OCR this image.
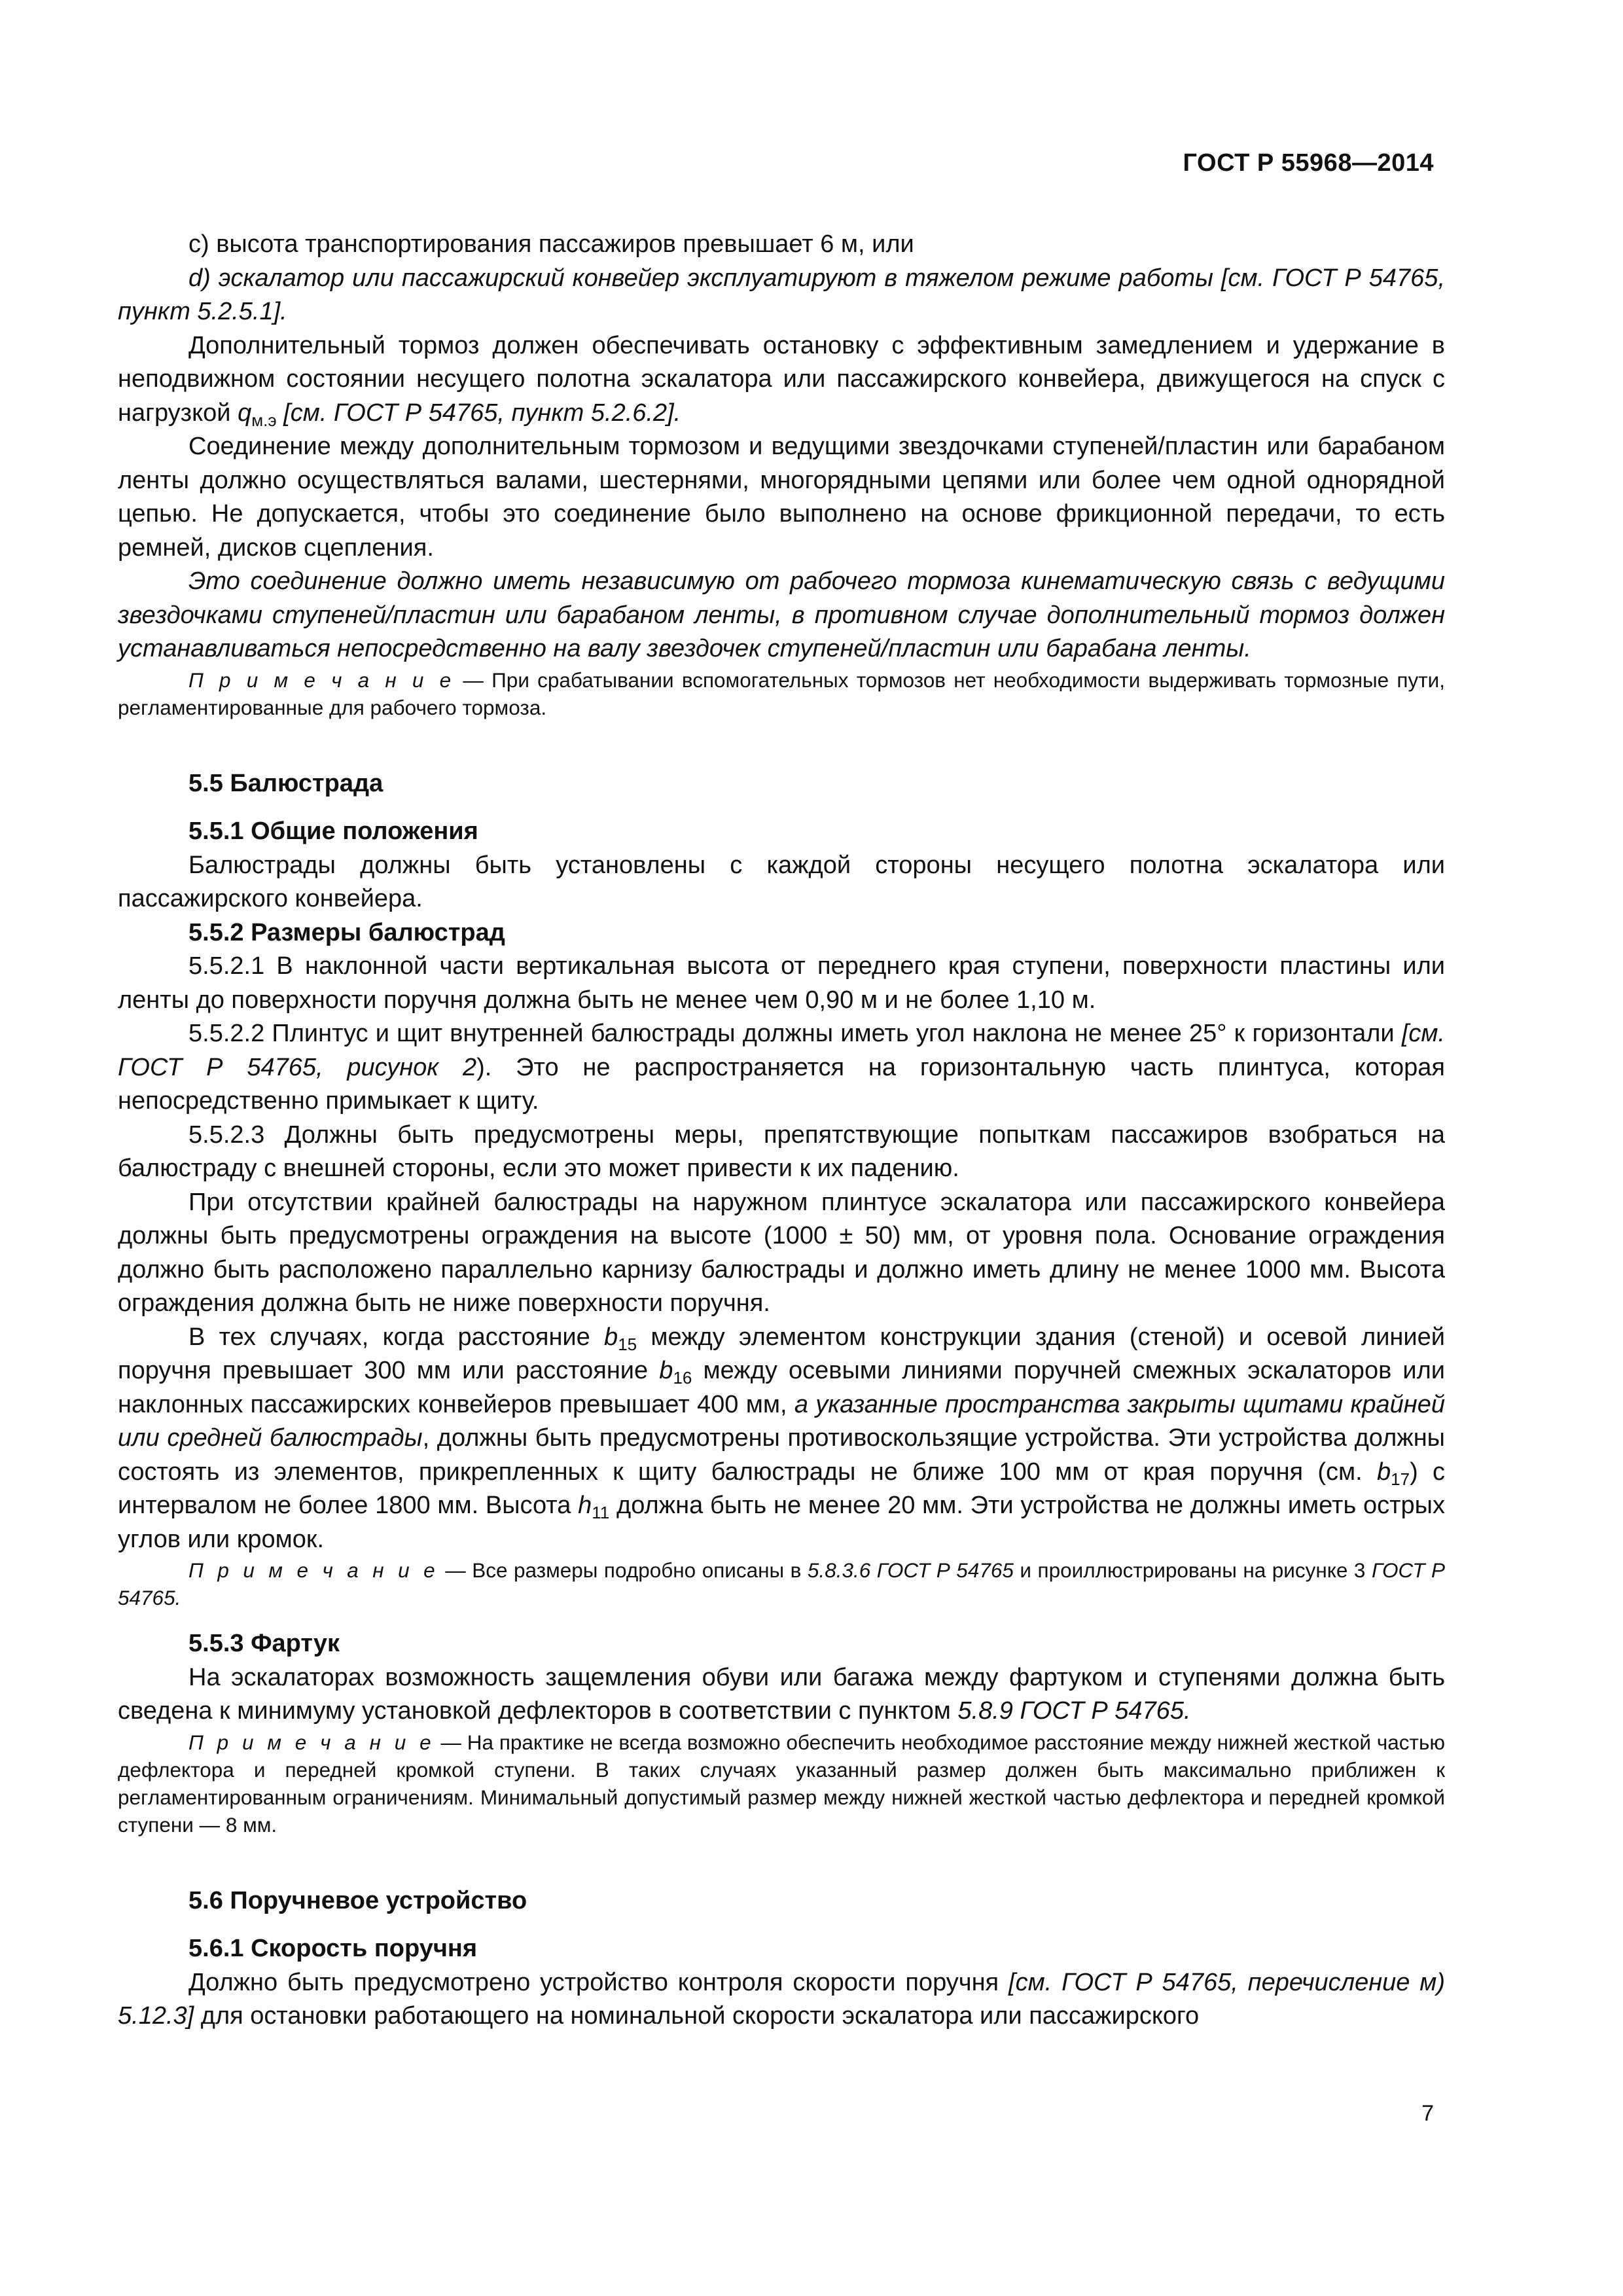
ГОСТ Р 55968—2014

c) высота транспортирования пассажиров превышает 6 м, или

d) эскалатор или пассажирский конвейер эксплуатируют в тяжелом режиме работы [см. ГОСТ Р 54765, пункт 5.2.5.1].

Дополнительный тормоз должен обеспечивать остановку с эффективным замедлением и удержание в неподвижном состоянии несущего полотна эскалатора или пассажирского конвейера, движущегося на спуск с нагрузкой $q_{м.э}$ [см. ГОСТ Р 54765, пункт 5.2.6.2].

Соединение между дополнительным тормозом и ведущими звездочками ступеней/пластин или барабаном ленты должно осуществляться валами, шестернями, многорядными цепями или более чем одной однорядной цепью. Не допускается, чтобы это соединение было выполнено на основе фрикционной передачи, то есть ремней, дисков сцепления.

Это соединение должно иметь независимую от рабочего тормоза кинематическую связь с ведущими звездочками ступеней/пластин или барабаном ленты, в противном случае дополнительный тормоз должен устанавливаться непосредственно на валу звездочек ступеней/пластин или барабана ленты.

П р и м е ч а н и е — При срабатывании вспомогательных тормозов нет необходимости выдерживать тормозные пути, регламентированные для рабочего тормоза.

5.5 Балюстрада

5.5.1 Общие положения

Балюстрады должны быть установлены с каждой стороны несущего полотна эскалатора или пассажирского конвейера.

5.5.2 Размеры балюстрад

5.5.2.1 В наклонной части вертикальная высота от переднего края ступени, поверхности пластины или ленты до поверхности поручня должна быть не менее чем 0,90 м и не более 1,10 м.

5.5.2.2 Плинтус и щит внутренней балюстрады должны иметь угол наклона не менее 25° к горизонтали [см. ГОСТ Р 54765, рисунок 2). Это не распространяется на горизонтальную часть плинтуса, которая непосредственно примыкает к щиту.

5.5.2.3 Должны быть предусмотрены меры, препятствующие попыткам пассажиров взобраться на балюстраду с внешней стороны, если это может привести к их падению.

При отсутствии крайней балюстрады на наружном плинтусе эскалатора или пассажирского конвейера должны быть предусмотрены ограждения на высоте (1000 ± 50) мм, от уровня пола. Основание ограждения должно быть расположено параллельно карнизу балюстрады и должно иметь длину не менее 1000 мм. Высота ограждения должна быть не ниже поверхности поручня.

В тех случаях, когда расстояние $b_{15}$ между элементом конструкции здания (стеной) и осевой линией поручня превышает 300 мм или расстояние $b_{16}$ между осевыми линиями поручней смежных эскалаторов или наклонных пассажирских конвейеров превышает 400 мм, а указанные пространства закрыты щитами крайней или средней балюстрады, должны быть предусмотрены противоскользящие устройства. Эти устройства должны состоять из элементов, прикрепленных к щиту балюстрады не ближе 100 мм от края поручня (см. $b_{17}$) с интервалом не более 1800 мм. Высота $h_{11}$ должна быть не менее 20 мм. Эти устройства не должны иметь острых углов или кромок.

П р и м е ч а н и е — Все размеры подробно описаны в 5.8.3.6 ГОСТ Р 54765 и проиллюстрированы на рисунке 3 ГОСТ Р 54765.

5.5.3 Фартук

На эскалаторах возможность защемления обуви или багажа между фартуком и ступенями должна быть сведена к минимуму установкой дефлекторов в соответствии с пунктом 5.8.9 ГОСТ Р 54765.

П р и м е ч а н и е — На практике не всегда возможно обеспечить необходимое расстояние между нижней жесткой частью дефлектора и передней кромкой ступени. В таких случаях указанный размер должен быть максимально приближен к регламентированным ограничениям. Минимальный допустимый размер между нижней жесткой частью дефлектора и передней кромкой ступени — 8 мм.

5.6 Поручневое устройство

5.6.1 Скорость поручня

Должно быть предусмотрено устройство контроля скорости поручня [см. ГОСТ Р 54765, перечисление м) 5.12.3] для остановки работающего на номинальной скорости эскалатора или пассажирского

7
